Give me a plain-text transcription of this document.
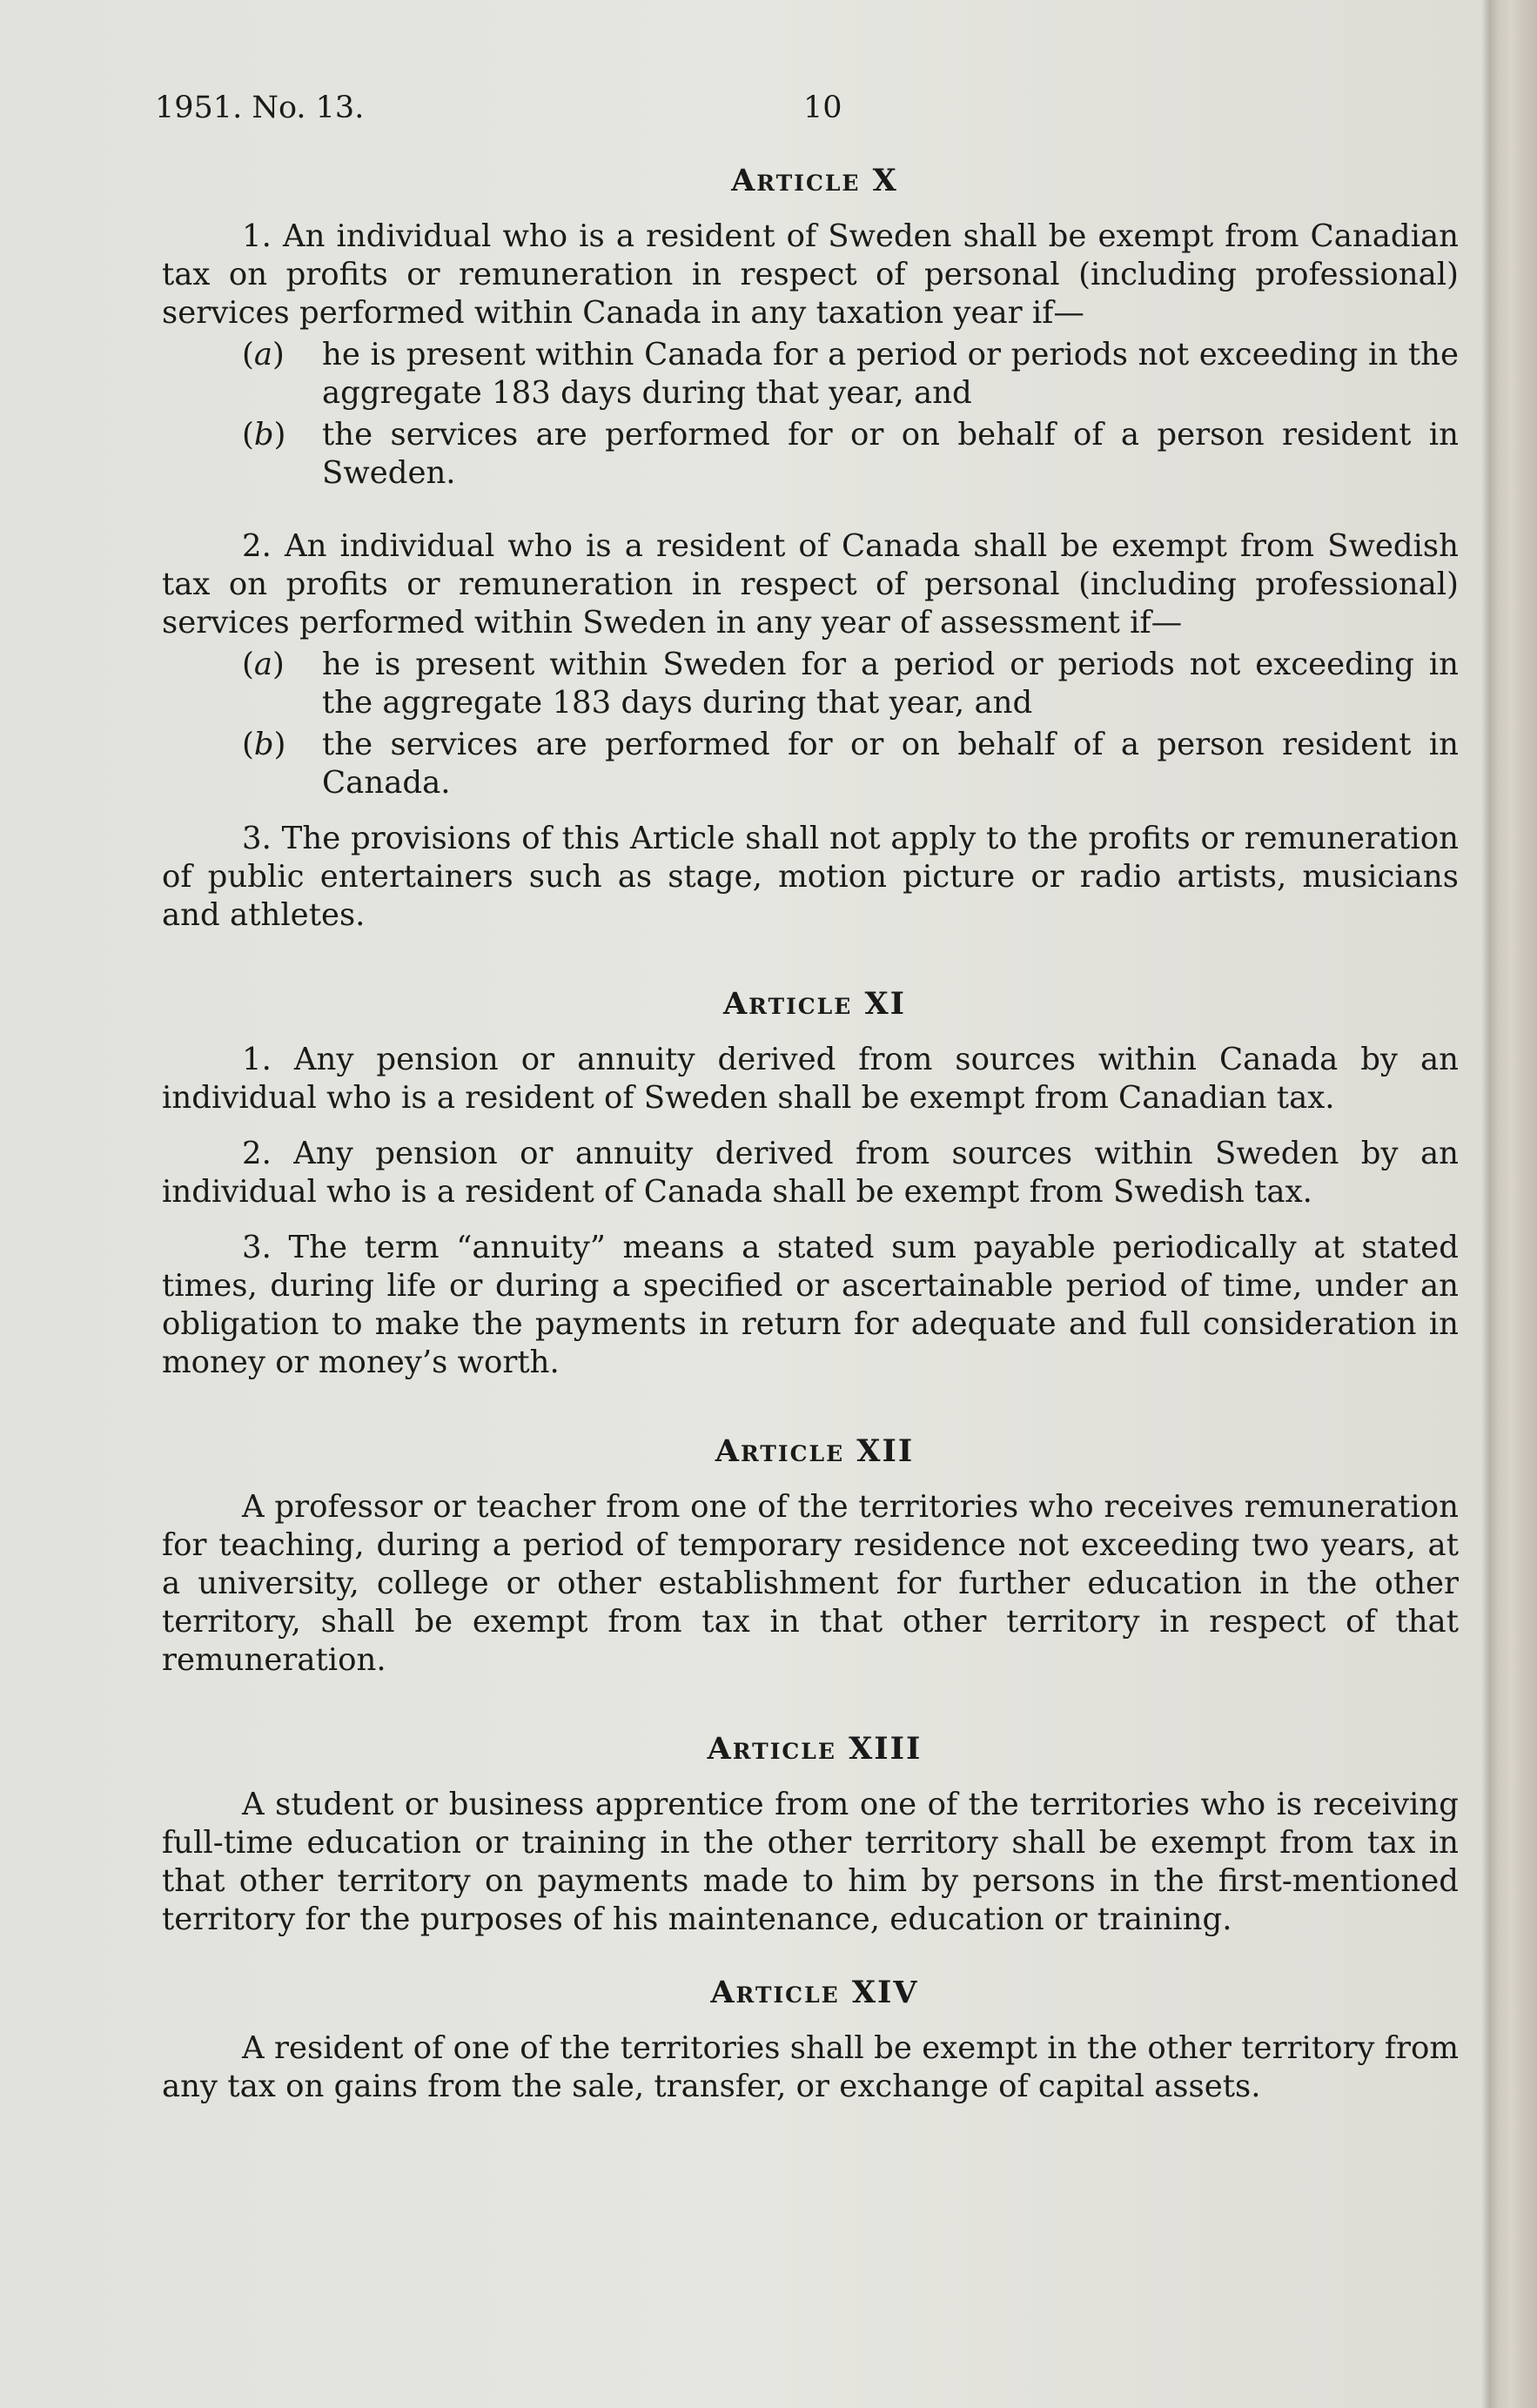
1951. No. 13.	10
Article X

1. An individual who is a resident of Sweden shall be exempt from Canadian tax on profits or remuneration in respect of personal (including professional) services performed within Canada in any taxation year if—

(a)	he is present within Canada for a period or periods not exceeding in the aggregate 183 days during that year, and
(b)	the services are performed for or on behalf of a person resident in Sweden.

2. An individual who is a resident of Canada shall be exempt from Swedish tax on profits or remuneration in respect of personal (including professional) services performed within Sweden in any year of assessment if—

(a)	he is present within Sweden for a period or periods not exceeding in the aggregate 183 days during that year, and
(b)	the services are performed for or on behalf of a person resident in Canada.

3. The provisions of this Article shall not apply to the profits or remuneration of public entertainers such as stage, motion picture or radio artists, musicians and athletes.

Article XI

1. Any pension or annuity derived from sources within Canada by an individual who is a resident of Sweden shall be exempt from Canadian tax.

2. Any pension or annuity derived from sources within Sweden by an individual who is a resident of Canada shall be exempt from Swedish tax.

3. The term “annuity” means a stated sum payable periodically at stated times, during life or during a specified or ascertainable period of time, under an obligation to make the payments in return for adequate and full consideration in money or money’s worth.

Article XII

A professor or teacher from one of the territories who receives remuneration for teaching, during a period of temporary residence not exceeding two years, at a university, college or other establishment for further education in the other territory, shall be exempt from tax in that other territory in respect of that remuneration.

Article XIII

A student or business apprentice from one of the territories who is receiving full-time education or training in the other territory shall be exempt from tax in that other territory on payments made to him by persons in the first-mentioned territory for the purposes of his maintenance, education or training.

Article XIV

A resident of one of the territories shall be exempt in the other territory from any tax on gains from the sale, transfer, or exchange of capital assets.
